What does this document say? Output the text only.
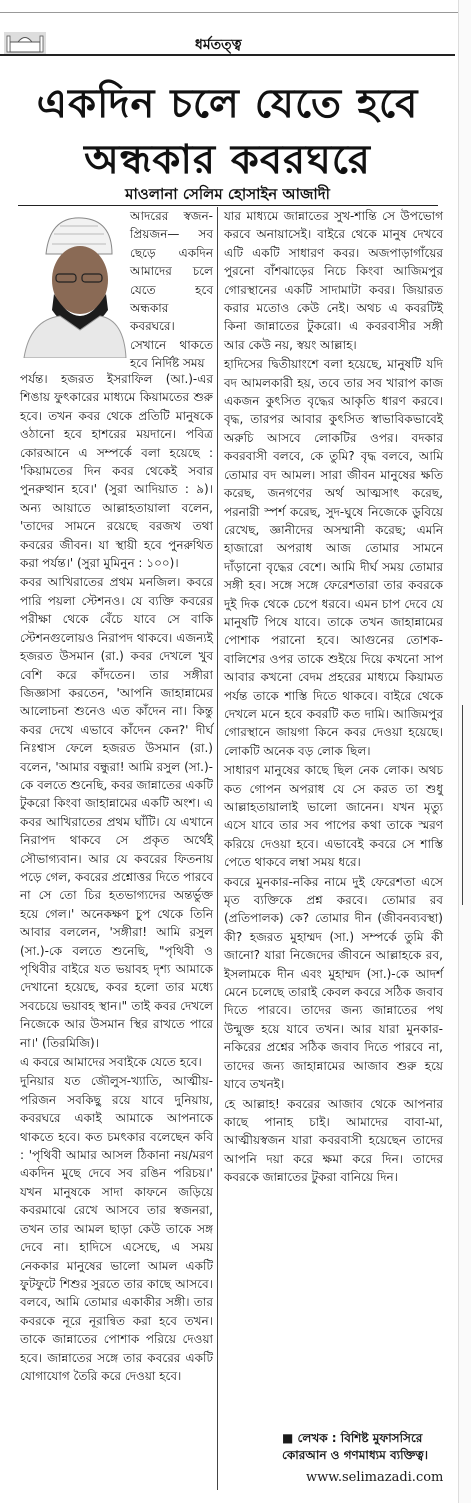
ধর্মতত্ত্ব
একদিন চলে যেতে হবে
অন্ধকার কবরঘরে
মাওলানা সেলিম হোসাইন আজাদী

আদরের স্বজন-প্রিয়জন— সব ছেড়ে একদিন আমাদের চলে যেতে হবে অন্ধকার কবরঘরে। সেখানে থাকতে হবে নির্দিষ্ট সময়

পর্যন্ত। হজরত ইসরাফিল (আ.)-এর শিঙায় ফুৎকারের মাধ্যমে কিয়ামতের শুরু হবে। তখন কবর থেকে প্রতিটি মানুষকে ওঠানো হবে হাশরের ময়দানে। পবিত্র কোরআনে এ সম্পর্কে বলা হয়েছে : 'কিয়ামতের দিন কবর থেকেই সবার পুনরুত্থান হবে।' (সুরা আদিয়াত : ৯)। অন্য আয়াতে আল্লাহতায়ালা বলেন, 'তাদের সামনে রয়েছে বরজখ তথা কবরের জীবন। যা স্থায়ী হবে পুনরুথিত করা পর্যন্ত।' (সুরা মুমিনুন : ১০০)।

কবর আখিরাতের প্রথম মনজিল। কবরে পারি পয়লা স্টেশনও। যে ব্যক্তি কবরের পরীক্ষা থেকে বেঁচে যাবে সে বাকি স্টেশনগুলোয়ও নিরাপদ থাকবে। এজন্যই হজরত উসমান (রা.) কবর দেখলে খুব বেশি করে কাঁদতেন। তার সঙ্গীরা জিজ্ঞাসা করতেন, 'আপনি জাহান্নামের আলোচনা শুনেও এত কাঁদেন না। কিন্তু কবর দেখে এভাবে কাঁদেন কেন?' দীর্ঘ নিঃশ্বাস ফেলে হজরত উসমান (রা.) বলেন, 'আমার বন্ধুরা! আমি রসুল (সা.)-কে বলতে শুনেছি, কবর জান্নাতের একটি টুকরো কিংবা জাহান্নামের একটি অংশ। এ কবর আখিরাতের প্রথম ঘাঁটি। যে এখানে নিরাপদ থাকবে সে প্রকৃত অর্থেই সৌভাগ্যবান। আর যে কবরের ফিতনায় পড়ে গেল, কবরের প্রশ্নোত্তর দিতে পারবে না সে তো চির হতভাগ্যদের অন্তর্ভুক্ত হয়ে গেল।' অনেকক্ষণ চুপ থেকে তিনি আবার বললেন, 'সঙ্গীরা! আমি রসুল (সা.)-কে বলতে শুনেছি, "পৃথিবী ও পৃথিবীর বাইরে যত ভয়াবহ দৃশ্য আমাকে দেখানো হয়েছে, কবর হলো তার মধ্যে সবচেয়ে ভয়াবহ স্থান।" তাই কবর দেখলে নিজেকে আর উসমান স্থির রাখতে পারে না।' (তিরমিজি)।

এ কবরে আমাদের সবাইকে যেতে হবে।

দুনিয়ার যত জৌলুস-খ্যাতি, আত্মীয়-পরিজন সবকিছু রয়ে যাবে দুনিয়ায়, কবরঘরে একাই আমাকে আপনাকে থাকতে হবে। কত চমৎকার বলেছেন কবি : 'পৃথিবী আমার আসল ঠিকানা নয়/মরণ একদিন মুছে দেবে সব রঙিন পরিচয়।' যখন মানুষকে সাদা কাফনে জড়িয়ে কবরমাঝে রেখে আসবে তার স্বজনরা, তখন তার আমল ছাড়া কেউ তাকে সঙ্গ দেবে না। হাদিসে এসেছে, এ সময় নেককার মানুষের ভালো আমল একটি ফুটফুটে শিশুর সুরতে তার কাছে আসবে। বলবে, আমি তোমার একাকীর সঙ্গী। তার কবরকে নূরে নূরান্বিত করা হবে তখন। তাকে জান্নাতের পোশাক পরিয়ে দেওয়া হবে। জান্নাতের সঙ্গে তার কবরের একটি যোগাযোগ তৈরি করে দেওয়া হবে।

যার মাধ্যমে জান্নাতের সুখ-শান্তি সে উপভোগ করবে অনায়াসেই। বাইরে থেকে মানুষ দেখবে এটি একটি সাধারণ কবর। অজপাড়াগাঁয়ের পুরনো বাঁশঝাড়ের নিচে কিংবা আজিমপুর গোরস্থানের একটি সাদামাটা কবর। জিয়ারত করার মতোও কেউ নেই। অথচ এ কবরটিই কিনা জান্নাতের টুকরো। এ কবরবাসীর সঙ্গী আর কেউ নয়, স্বয়ং আল্লাহ।

হাদিসের দ্বিতীয়াংশে বলা হয়েছে, মানুষটি যদি বদ আমলকারী হয়, তবে তার সব খারাপ কাজ একজন কুৎসিত বৃদ্ধের আকৃতি ধারণ করবে। বৃদ্ধ, তারপর আবার কুৎসিত স্বাভাবিকভাবেই অরুচি আসবে লোকটির ওপর। বদকার কবরবাসী বলবে, কে তুমি? বৃদ্ধ বলবে, আমি তোমার বদ আমল। সারা জীবন মানুষের ক্ষতি করেছ, জনগণের অর্থ আত্মসাৎ করেছ, পরনারী স্পর্শ করেছ, সুদ-ঘুষে নিজেকে ডুবিয়ে রেখেছ, জ্ঞানীদের অসম্মানী করেছ; এমনি হাজারো অপরাধ আজ তোমার সামনে দাঁড়ানো বৃদ্ধের বেশে। আমি দীর্ঘ সময় তোমার সঙ্গী হব। সঙ্গে সঙ্গে ফেরেশতারা তার কবরকে দুই দিক থেকে চেপে ধরবে। এমন চাপ দেবে যে মানুষটি পিষে যাবে। তাকে তখন জাহান্নামের পোশাক পরানো হবে। আগুনের তোশক-বালিশের ওপর তাকে শুইয়ে দিয়ে কখনো সাপ আবার কখনো বেদম প্রহরের মাধ্যমে কিয়ামত পর্যন্ত তাকে শাস্তি দিতে থাকবে। বাইরে থেকে দেখলে মনে হবে কবরটি কত দামি। আজিমপুর গোরস্থানে জায়গা কিনে কবর দেওয়া হয়েছে। লোকটি অনেক বড় লোক ছিল।

সাধারণ মানুষের কাছে ছিল নেক লোক। অথচ কত গোপন অপরাধ যে সে করত তা শুধু আল্লাহতায়ালাই ভালো জানেন। যখন মৃত্যু এসে যাবে তার সব পাপের কথা তাকে স্মরণ করিয়ে দেওয়া হবে। এভাবেই কবরে সে শাস্তি পেতে থাকবে লম্বা সময় ধরে।

কবরে মুনকার-নকির নামে দুই ফেরেশতা এসে মৃত ব্যক্তিকে প্রশ্ন করবে। তোমার রব (প্রতিপালক) কে? তোমার দীন (জীবনব্যবস্থা) কী? হজরত মুহাম্মদ (সা.) সম্পর্কে তুমি কী জানো? যারা নিজেদের জীবনে আল্লাহকে রব, ইসলামকে দীন এবং মুহাম্মদ (সা.)-কে আদর্শ মেনে চলেছে তারাই কেবল কবরে সঠিক জবাব দিতে পারবে। তাদের জন্য জান্নাতের পথ উন্মুক্ত হয়ে যাবে তখন। আর যারা মুনকার-নকিরের প্রশ্নের সঠিক জবাব দিতে পারবে না, তাদের জন্য জাহান্নামের আজাব শুরু হয়ে যাবে তখনই।

হে আল্লাহ! কবরের আজাব থেকে আপনার কাছে পানাহ চাই। আমাদের বাবা-মা, আত্মীয়স্বজন যারা কবরবাসী হয়েছেন তাদের আপনি দয়া করে ক্ষমা করে দিন। তাদের কবরকে জান্নাতের টুকরা বানিয়ে দিন।

■ লেখক : বিশিষ্ট মুফাসসিরে কোরআন ও গণমাধ্যম ব্যক্তিত্ব।
www.selimazadi.com
